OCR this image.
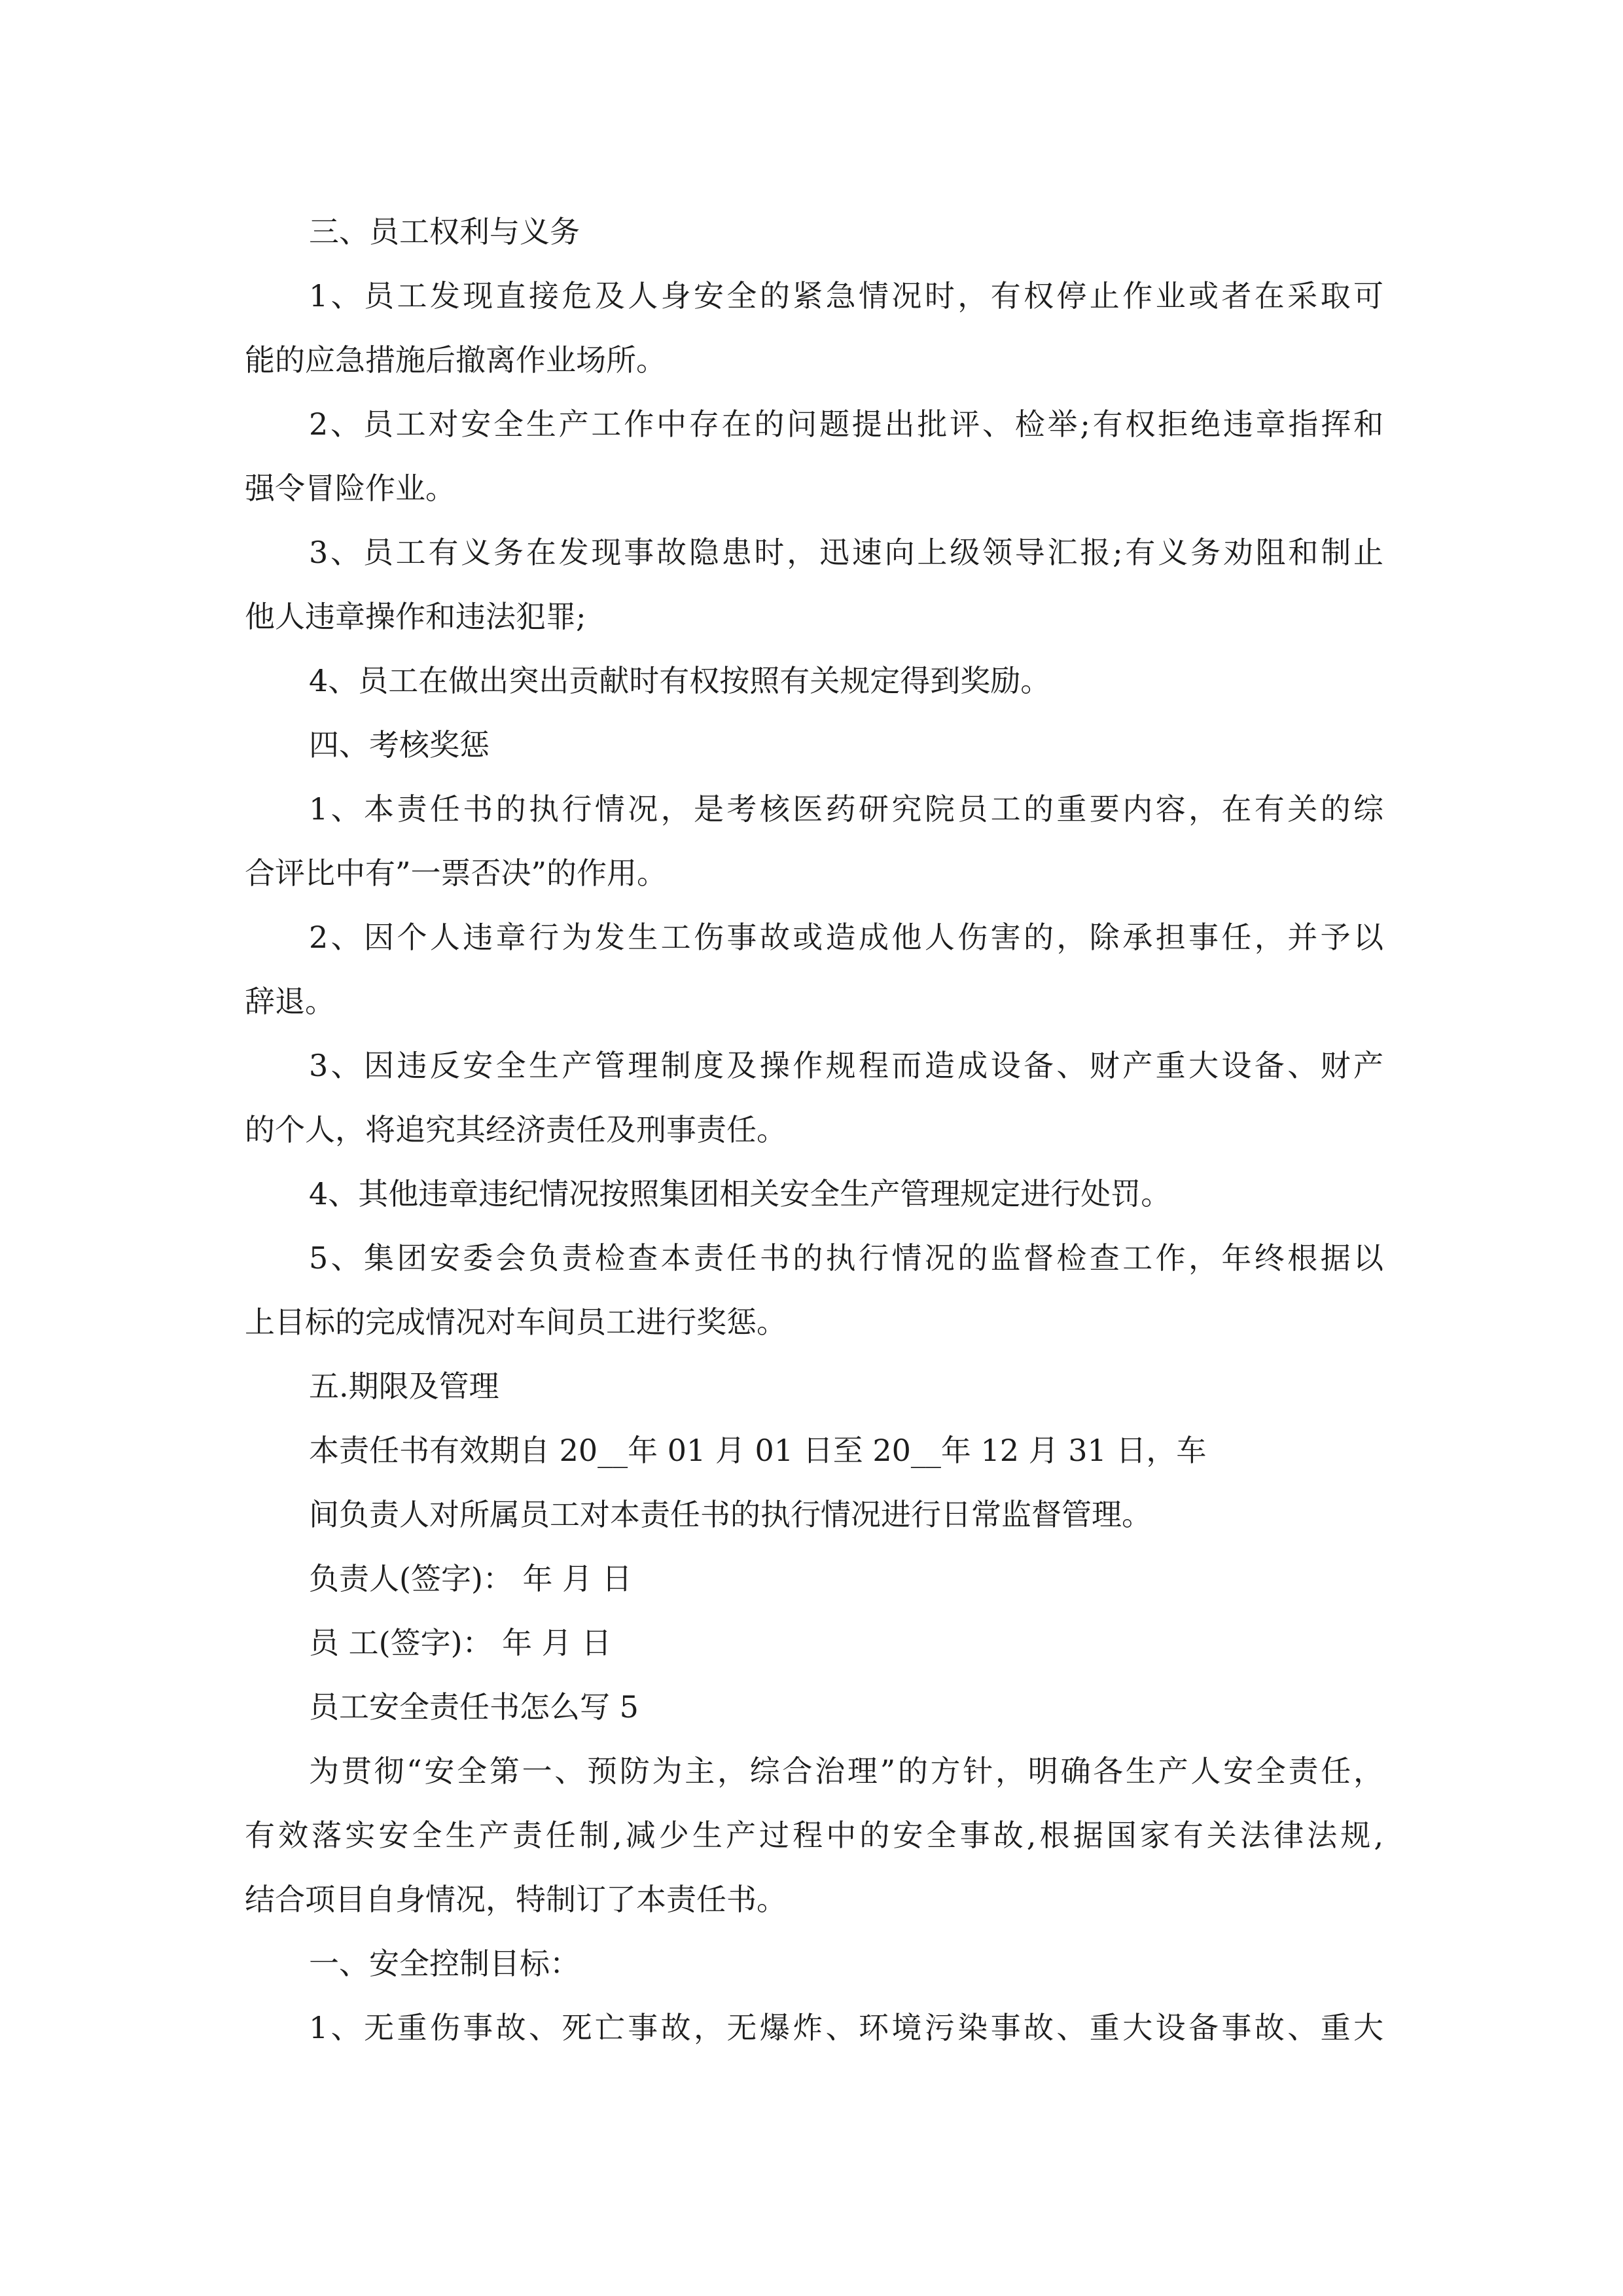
三、员工权利与义务
1、员工发现直接危及人身安全的紧急情况时，有权停止作业或者在采取可
能的应急措施后撤离作业场所。
2、员工对安全生产工作中存在的问题提出批评、检举;有权拒绝违章指挥和
强令冒险作业。
3、员工有义务在发现事故隐患时，迅速向上级领导汇报;有义务劝阻和制止
他人违章操作和违法犯罪;
4、员工在做出突出贡献时有权按照有关规定得到奖励。
四、考核奖惩
1、本责任书的执行情况，是考核医药研究院员工的重要内容，在有关的综
合评比中有”一票否决”的作用。
2、因个人违章行为发生工伤事故或造成他人伤害的，除承担事任，并予以
辞退。
3、因违反安全生产管理制度及操作规程而造成设备、财产重大设备、财产
的个人，将追究其经济责任及刑事责任。
4、其他违章违纪情况按照集团相关安全生产管理规定进行处罚。
5、集团安委会负责检查本责任书的执行情况的监督检查工作，年终根据以
上目标的完成情况对车间员工进行奖惩。
五.期限及管理
本责任书有效期自 20__年 01 月 01 日至 20__年 12 月 31 日，车
间负责人对所属员工对本责任书的执行情况进行日常监督管理。
负责人(签字)： 年 月 日
员 工(签字)： 年 月 日
员工安全责任书怎么写 5
为贯彻“安全第一、预防为主，综合治理”的方针，明确各生产人安全责任，
有效落实安全生产责任制,减少生产过程中的安全事故,根据国家有关法律法规,
结合项目自身情况，特制订了本责任书。
一、安全控制目标：
1、无重伤事故、死亡事故，无爆炸、环境污染事故、重大设备事故、重大
